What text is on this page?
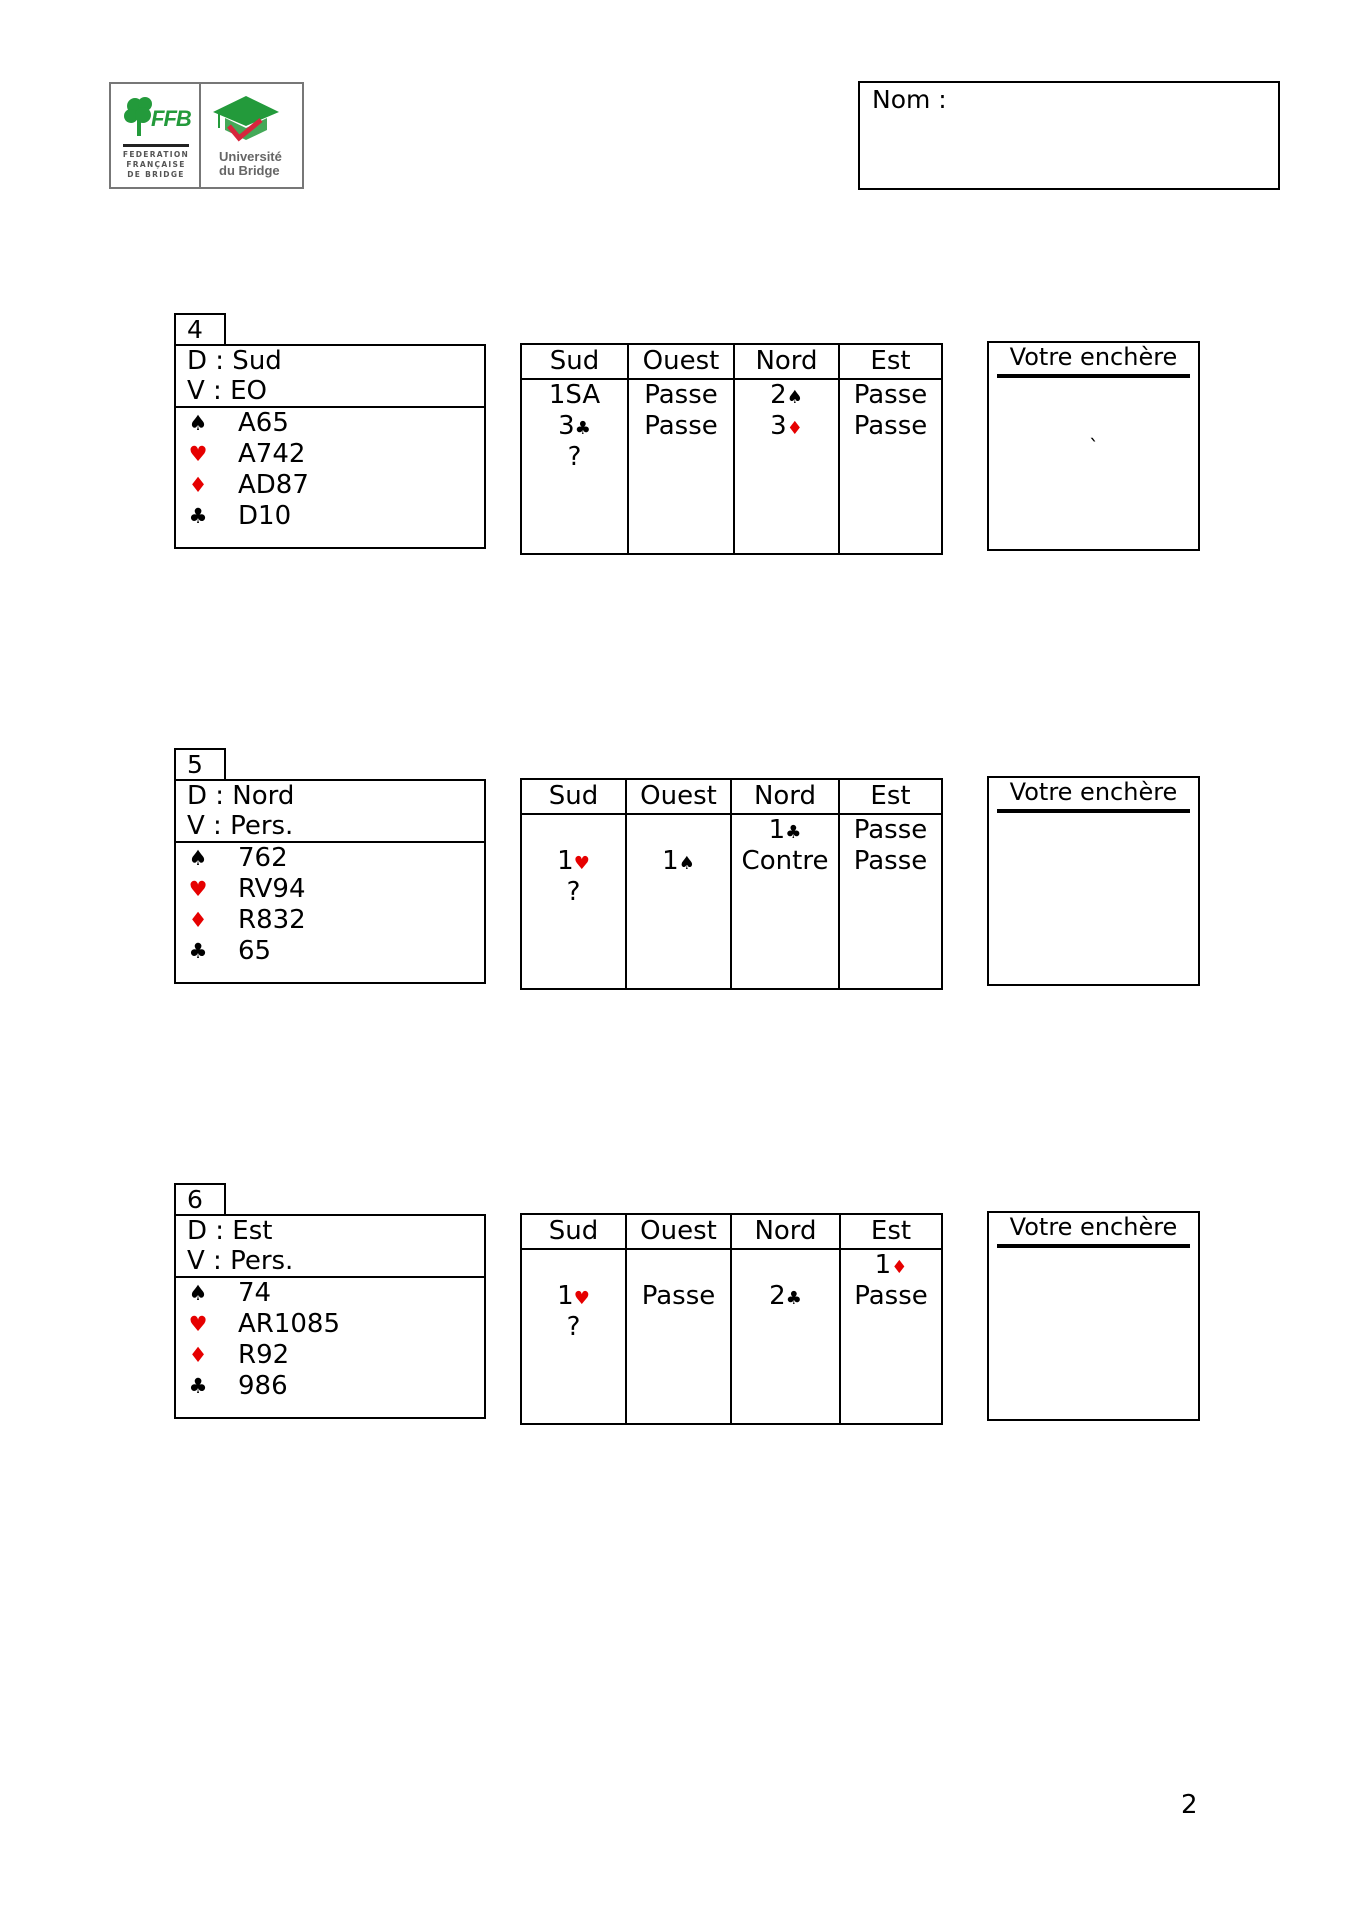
FFB
FEDERATION
FRANÇAISE
DE BRIDGE
Université
du Bridge
Nom :
4
D : Sud
V : EO
♠ A65
♥ A742
♦ AD87
♣ D10
Sud
1SA
3♣
?
Ouest
Passe
Passe
Nord
2♠
3♦
Est
Passe
Passe
Votre enchère
`
5
D : Nord
V : Pers.
♠ 762
♥ RV94
♦ R832
♣ 65
Sud
1♥
?
Ouest
1♠
Nord
1♣
Contre
Est
Passe
Passe
Votre enchère
6
D : Est
V : Pers.
♠ 74
♥ AR1085
♦ R92
♣ 986
Sud
1♥
?
Ouest
Passe
Nord
2♣
Est
1♦
Passe
Votre enchère
2
